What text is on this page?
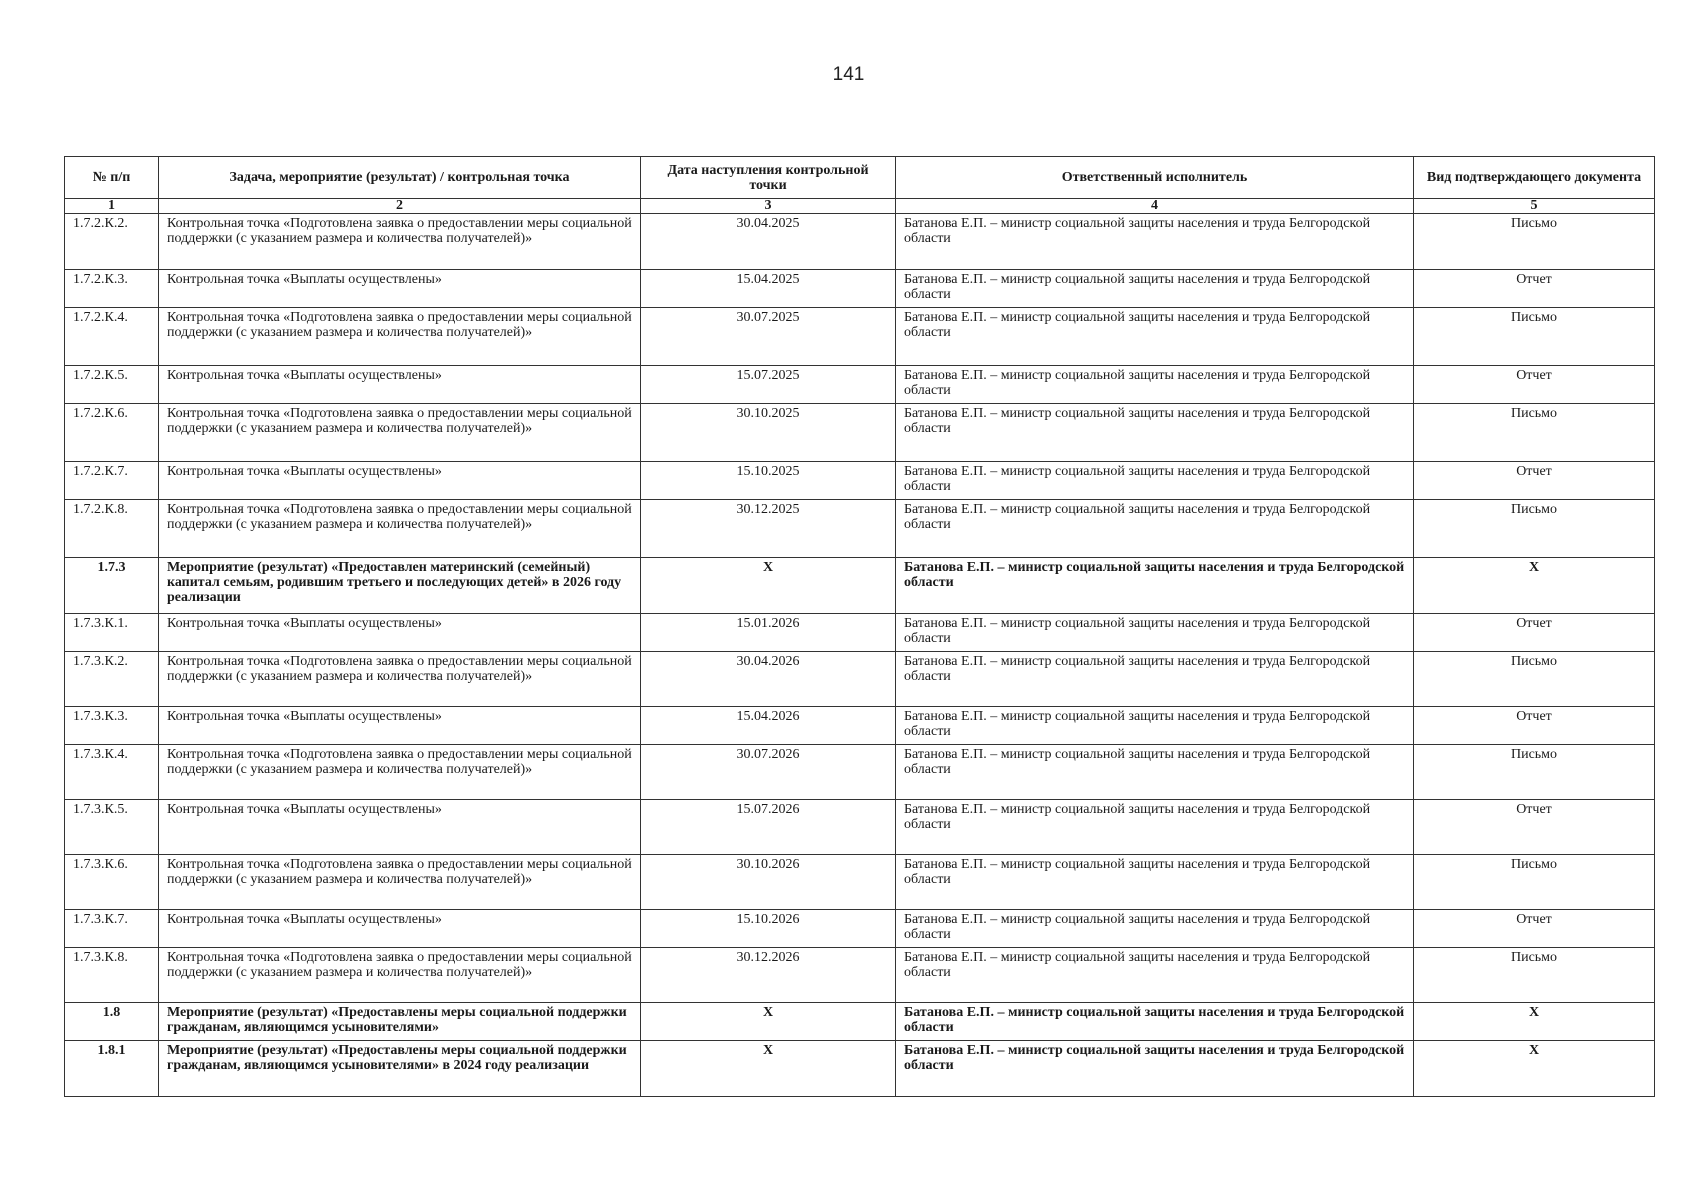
141
№ п/п	Задача, мероприятие (результат) / контрольная точка	Дата наступления контрольной точки	Ответственный исполнитель	Вид подтверждающего документа
1	2	3	4	5
1.7.2.К.2.	Контрольная точка «Подготовлена заявка о предоставлении меры социальной поддержки (с указанием размера и количества получателей)»	30.04.2025	Батанова Е.П. – министр социальной защиты населения и труда Белгородской области	Письмо
1.7.2.К.3.	Контрольная точка «Выплаты осуществлены»	15.04.2025	Батанова Е.П. – министр социальной защиты населения и труда Белгородской области	Отчет
1.7.2.К.4.	Контрольная точка «Подготовлена заявка о предоставлении меры социальной поддержки (с указанием размера и количества получателей)»	30.07.2025	Батанова Е.П. – министр социальной защиты населения и труда Белгородской области	Письмо
1.7.2.К.5.	Контрольная точка «Выплаты осуществлены»	15.07.2025	Батанова Е.П. – министр социальной защиты населения и труда Белгородской области	Отчет
1.7.2.К.6.	Контрольная точка «Подготовлена заявка о предоставлении меры социальной поддержки (с указанием размера и количества получателей)»	30.10.2025	Батанова Е.П. – министр социальной защиты населения и труда Белгородской области	Письмо
1.7.2.К.7.	Контрольная точка «Выплаты осуществлены»	15.10.2025	Батанова Е.П. – министр социальной защиты населения и труда Белгородской области	Отчет
1.7.2.К.8.	Контрольная точка «Подготовлена заявка о предоставлении меры социальной поддержки (с указанием размера и количества получателей)»	30.12.2025	Батанова Е.П. – министр социальной защиты населения и труда Белгородской области	Письмо
1.7.3	Мероприятие (результат) «Предоставлен материнский (семейный) капитал семьям, родившим третьего и последующих детей» в 2026 году реализации	Х	Батанова Е.П. – министр социальной защиты населения и труда Белгородской области	Х
1.7.3.К.1.	Контрольная точка «Выплаты осуществлены»	15.01.2026	Батанова Е.П. – министр социальной защиты населения и труда Белгородской области	Отчет
1.7.3.К.2.	Контрольная точка «Подготовлена заявка о предоставлении меры социальной поддержки (с указанием размера и количества получателей)»	30.04.2026	Батанова Е.П. – министр социальной защиты населения и труда Белгородской области	Письмо
1.7.3.К.3.	Контрольная точка «Выплаты осуществлены»	15.04.2026	Батанова Е.П. – министр социальной защиты населения и труда Белгородской области	Отчет
1.7.3.К.4.	Контрольная точка «Подготовлена заявка о предоставлении меры социальной поддержки (с указанием размера и количества получателей)»	30.07.2026	Батанова Е.П. – министр социальной защиты населения и труда Белгородской области	Письмо
1.7.3.К.5.	Контрольная точка «Выплаты осуществлены»	15.07.2026	Батанова Е.П. – министр социальной защиты населения и труда Белгородской области	Отчет
1.7.3.К.6.	Контрольная точка «Подготовлена заявка о предоставлении меры социальной поддержки (с указанием размера и количества получателей)»	30.10.2026	Батанова Е.П. – министр социальной защиты населения и труда Белгородской области	Письмо
1.7.3.К.7.	Контрольная точка «Выплаты осуществлены»	15.10.2026	Батанова Е.П. – министр социальной защиты населения и труда Белгородской области	Отчет
1.7.3.К.8.	Контрольная точка «Подготовлена заявка о предоставлении меры социальной поддержки (с указанием размера и количества получателей)»	30.12.2026	Батанова Е.П. – министр социальной защиты населения и труда Белгородской области	Письмо
1.8	Мероприятие (результат) «Предоставлены меры социальной поддержки гражданам, являющимся усыновителями»	Х	Батанова Е.П. – министр социальной защиты населения и труда Белгородской области	Х
1.8.1	Мероприятие (результат) «Предоставлены меры социальной поддержки гражданам, являющимся усыновителями» в 2024 году реализации	Х	Батанова Е.П. – министр социальной защиты населения и труда Белгородской области	Х
